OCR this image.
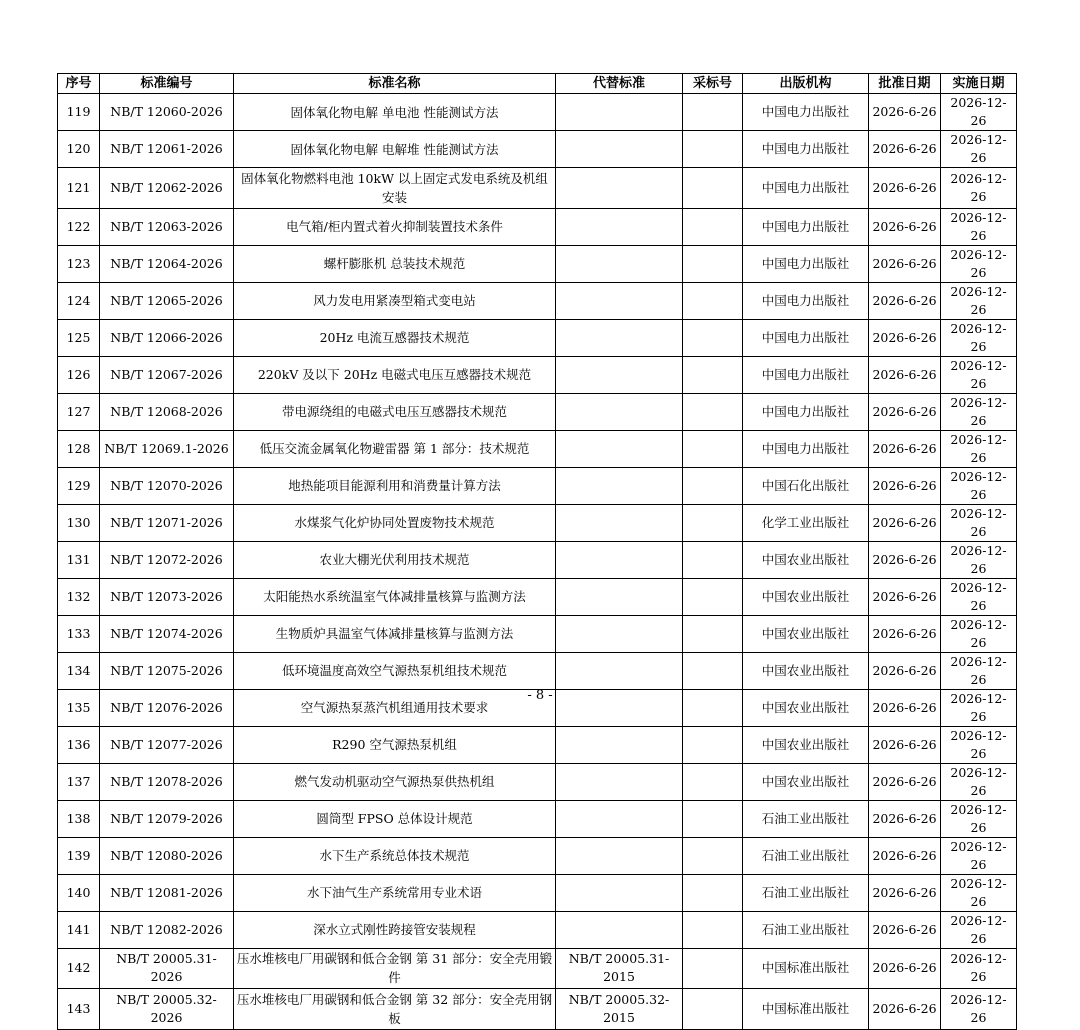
序号	标准编号	标准名称	代替标准	采标号	出版机构	批准日期	实施日期
119	NB/T 12060-2026	固体氧化物电解 单电池 性能测试方法			中国电力出版社	2026-6-26	2026-12-26
120	NB/T 12061-2026	固体氧化物电解 电解堆 性能测试方法			中国电力出版社	2026-6-26	2026-12-26
121	NB/T 12062-2026	固体氧化物燃料电池 10kW 以上固定式发电系统及机组 安装			中国电力出版社	2026-6-26	2026-12-26
122	NB/T 12063-2026	电气箱/柜内置式着火抑制装置技术条件			中国电力出版社	2026-6-26	2026-12-26
123	NB/T 12064-2026	螺杆膨胀机 总装技术规范			中国电力出版社	2026-6-26	2026-12-26
124	NB/T 12065-2026	风力发电用紧凑型箱式变电站			中国电力出版社	2026-6-26	2026-12-26
125	NB/T 12066-2026	20Hz 电流互感器技术规范			中国电力出版社	2026-6-26	2026-12-26
126	NB/T 12067-2026	220kV 及以下 20Hz 电磁式电压互感器技术规范			中国电力出版社	2026-6-26	2026-12-26
127	NB/T 12068-2026	带电源绕组的电磁式电压互感器技术规范			中国电力出版社	2026-6-26	2026-12-26
128	NB/T 12069.1-2026	低压交流金属氧化物避雷器 第 1 部分：技术规范			中国电力出版社	2026-6-26	2026-12-26
129	NB/T 12070-2026	地热能项目能源利用和消费量计算方法			中国石化出版社	2026-6-26	2026-12-26
130	NB/T 12071-2026	水煤浆气化炉协同处置废物技术规范			化学工业出版社	2026-6-26	2026-12-26
131	NB/T 12072-2026	农业大棚光伏利用技术规范			中国农业出版社	2026-6-26	2026-12-26
132	NB/T 12073-2026	太阳能热水系统温室气体减排量核算与监测方法			中国农业出版社	2026-6-26	2026-12-26
133	NB/T 12074-2026	生物质炉具温室气体减排量核算与监测方法			中国农业出版社	2026-6-26	2026-12-26
134	NB/T 12075-2026	低环境温度高效空气源热泵机组技术规范			中国农业出版社	2026-6-26	2026-12-26
135	NB/T 12076-2026	空气源热泵蒸汽机组通用技术要求			中国农业出版社	2026-6-26	2026-12-26
136	NB/T 12077-2026	R290 空气源热泵机组			中国农业出版社	2026-6-26	2026-12-26
137	NB/T 12078-2026	燃气发动机驱动空气源热泵供热机组			中国农业出版社	2026-6-26	2026-12-26
138	NB/T 12079-2026	圆筒型 FPSO 总体设计规范			石油工业出版社	2026-6-26	2026-12-26
139	NB/T 12080-2026	水下生产系统总体技术规范			石油工业出版社	2026-6-26	2026-12-26
140	NB/T 12081-2026	水下油气生产系统常用专业术语			石油工业出版社	2026-6-26	2026-12-26
141	NB/T 12082-2026	深水立式刚性跨接管安装规程			石油工业出版社	2026-6-26	2026-12-26
142	NB/T 20005.31-2026	压水堆核电厂用碳钢和低合金钢 第 31 部分：安全壳用锻件	NB/T 20005.31-2015		中国标准出版社	2026-6-26	2026-12-26
143	NB/T 20005.32-2026	压水堆核电厂用碳钢和低合金钢 第 32 部分：安全壳用钢板	NB/T 20005.32-2015		中国标准出版社	2026-6-26	2026-12-26
- 8 -
